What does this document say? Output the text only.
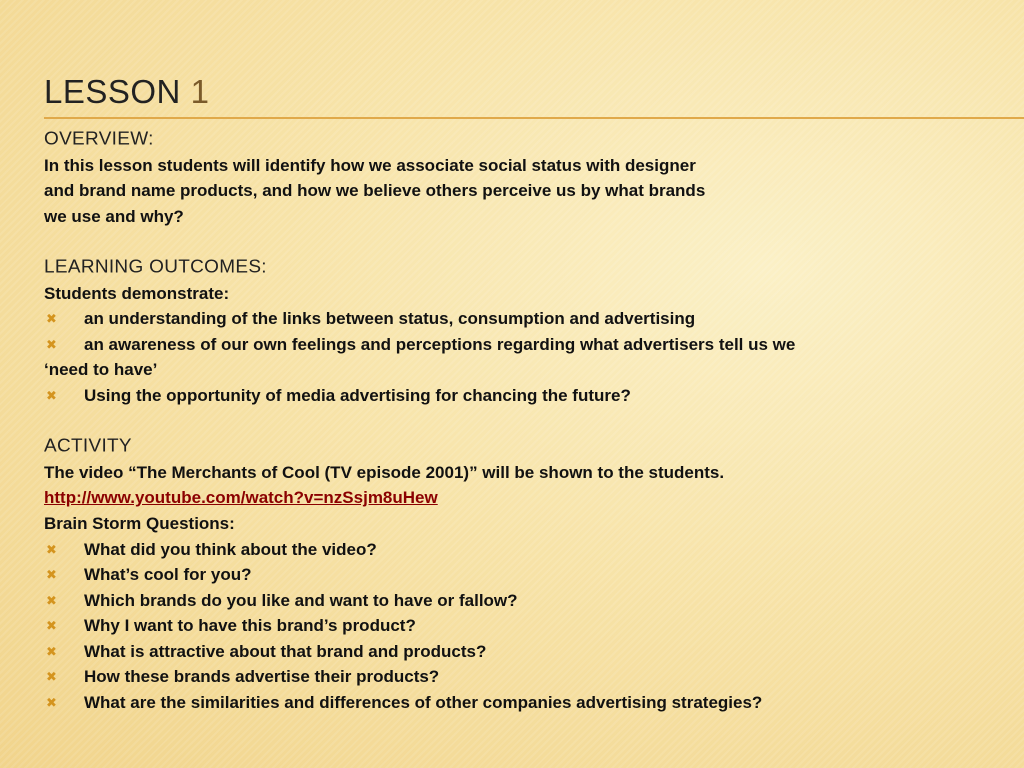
LESSON 1
OVERVIEW:

In this lesson students will identify how we associate social status with designer

and brand name products, and how we believe others perceive us by what brands

we use and why?

LEARNING OUTCOMES:

Students demonstrate:

✖	an understanding of the links between status, consumption and advertising
✖	an awareness of our own feelings and perceptions regarding what advertisers tell us we

‘need to have’

✖	Using the opportunity of media advertising for chancing the future?
ACTIVITY

The video “The Merchants of Cool (TV episode 2001)” will be shown to the students.

http://www.youtube.com/watch?v=nzSsjm8uHew

Brain Storm Questions:

✖	What did you think about the video?
✖	What’s cool for you?
✖	Which brands do you like and want to have or fallow?
✖	Why I want to have this brand’s product?
✖	What is attractive about that brand and products?
✖	How these brands advertise their products?
✖	What are the similarities and differences of other companies advertising strategies?
